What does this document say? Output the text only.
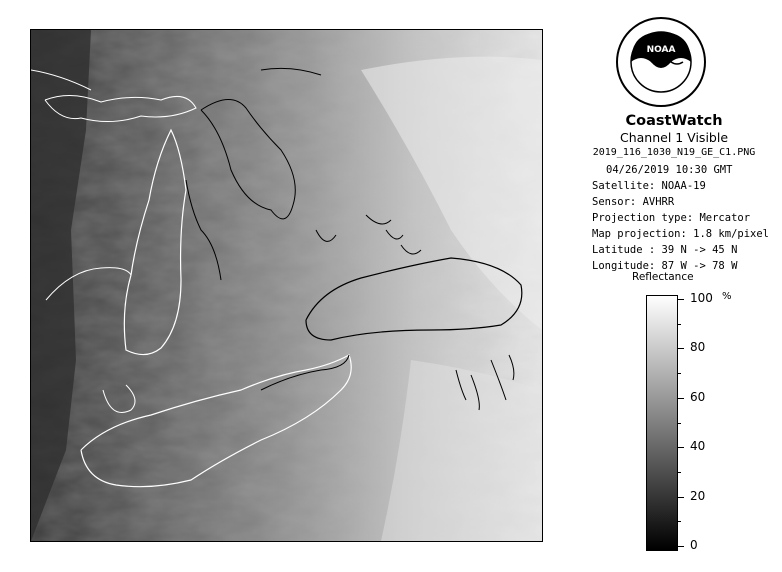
NOAA
CoastWatch
Channel 1 Visible
2019_116_1030_N19_GE_C1.PNG
04/26/2019 10:30 GMT
Satellite: NOAA-19
Sensor: AVHRR
Projection type: Mercator
Map projection: 1.8 km/pixel
Latitude : 39 N -> 45 N
Longitude: 87 W -> 78 W
Reflectance
%
100
80
60
40
20
0
